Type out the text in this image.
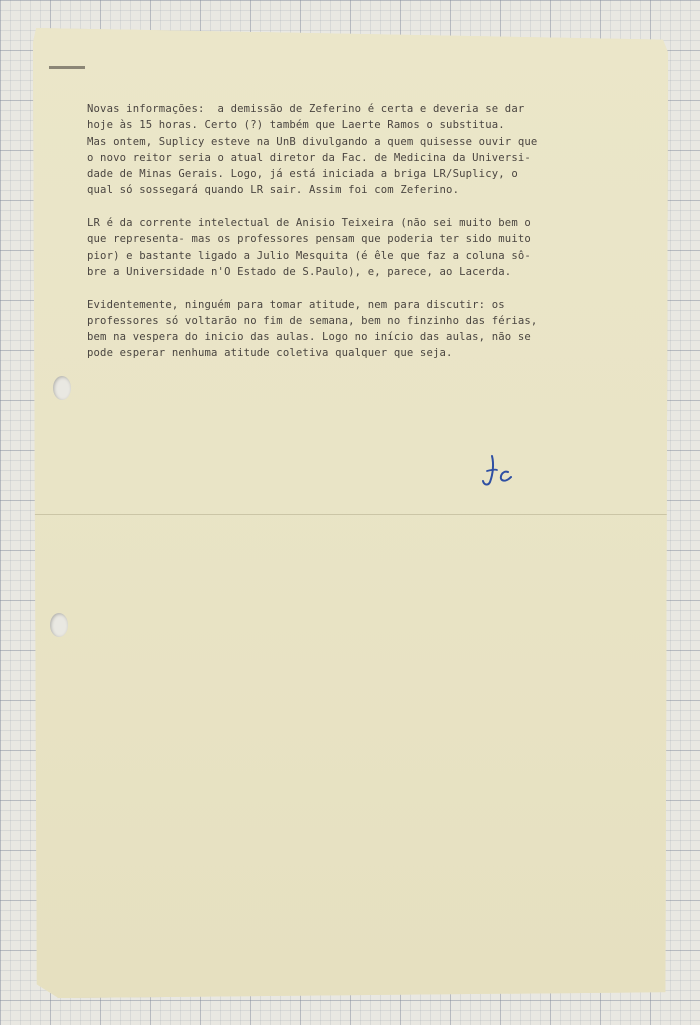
Novas informações:  a demissão de Zeferino é certa e deveria se dar
hoje às 15 horas. Certo (?) também que Laerte Ramos o substitua.
Mas ontem, Suplicy esteve na UnB divulgando a quem quisesse ouvir que
o novo reitor seria o atual diretor da Fac. de Medicina da Universi-
dade de Minas Gerais. Logo, já está iniciada a briga LR/Suplicy, o
qual só sossegará quando LR sair. Assim foi com Zeferino.

LR é da corrente intelectual de Anisio Teixeira (não sei muito bem o
que representa- mas os professores pensam que poderia ter sido muito
pior) e bastante ligado a Julio Mesquita (é êle que faz a coluna sô-
bre a Universidade n'O Estado de S.Paulo), e, parece, ao Lacerda.

Evidentemente, ninguém para tomar atitude, nem para discutir: os
professores só voltarão no fim de semana, bem no finzinho das férias,
bem na vespera do inicio das aulas. Logo no início das aulas, não se
pode esperar nenhuma atitude coletiva qualquer que seja.
